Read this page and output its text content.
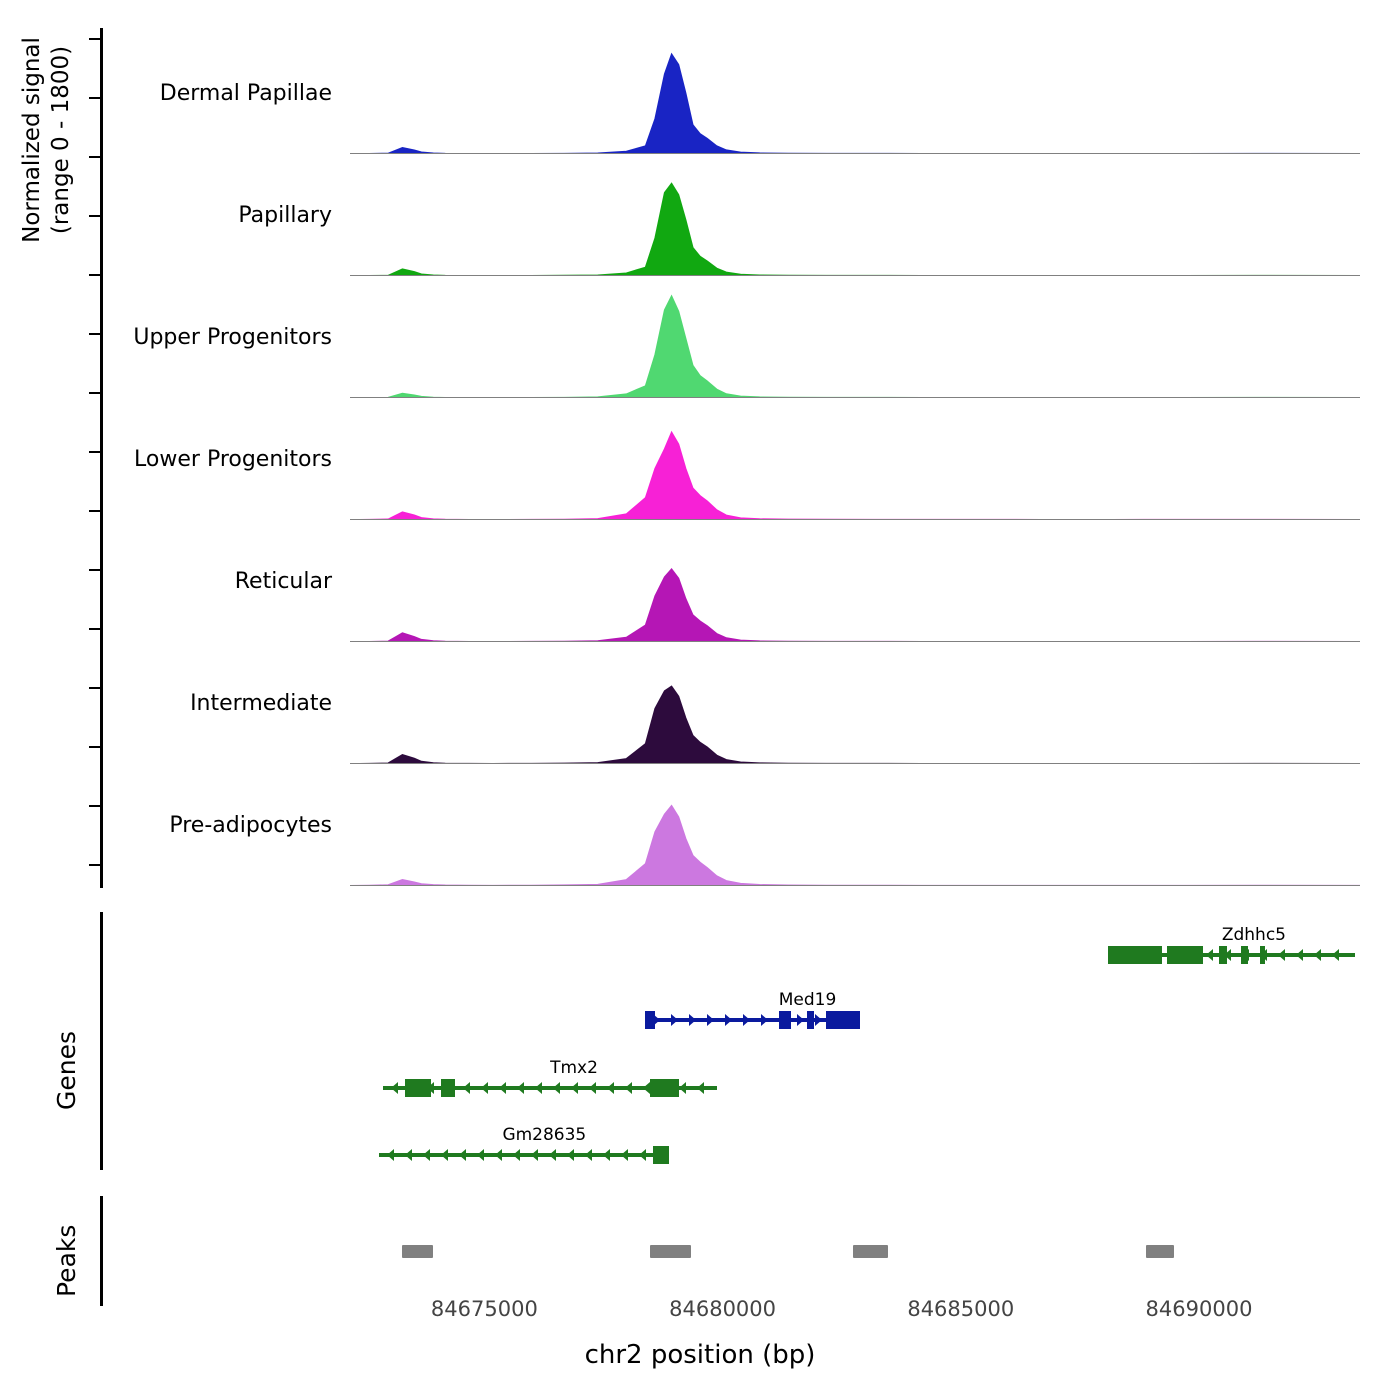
Normalized signal (range 0 - 1800)
Genes
Peaks
Dermal Papillae
Papillary
Upper Progenitors
Lower Progenitors
Reticular
Intermediate
Pre-adipocytes
Zdhhc5
Med19
Tmx2
Gm28635
84675000	84680000	84685000	84690000
chr2 position (bp)
